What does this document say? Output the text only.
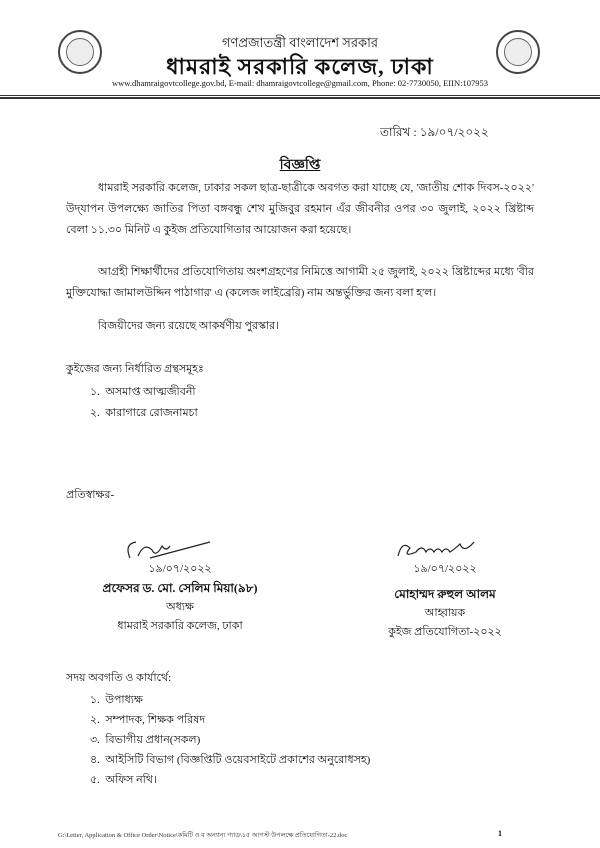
গণপ্রজাতন্ত্রী বাংলাদেশ সরকার
ধামরাই সরকারি কলেজ, ঢাকা
www.dhamraigovtcollege.gov.bd, E-mail: dhamraigovtcollege@gmail.com, Phone: 02-7730050, EIIN:107953
তারিখ : ১৯/০৭/২০২২
বিজ্ঞপ্তি
ধামরাই সরকারি কলেজ, ঢাকার সকল ছাত্র-ছাত্রীকে অবগত করা যাচ্ছে যে, 'জাতীয় শোক দিবস-২০২২' উদ্‌যাপন উপলক্ষ্যে জাতির পিতা বঙ্গবন্ধু শেখ মুজিবুর রহমান এঁর জীবনীর ওপর ৩০ জুলাই, ২০২২ খ্রিষ্টাব্দ বেলা ১১.৩০ মিনিট এ কুইজ প্রতিযোগিতার আয়োজন করা হয়েছে।
আগ্রহী শিক্ষার্থীদের প্রতিযোগিতায় অংশগ্রহণের নিমিত্তে আগামী ২৫ জুলাই, ২০২২ খ্রিষ্টাব্দের মধ্যে 'বীর মুক্তিযোদ্ধা জামালউদ্দিন পাঠাগার' এ (কলেজ লাইব্রেরি) নাম অন্তর্ভুক্তির জন্য বলা হ'ল।
বিজয়ীদের জন্য রয়েছে আকর্ষণীয় পুরস্কার।
কুইজের জন্য নির্ধারিত গ্রন্থসমূহঃ
১. অসমাপ্ত আত্মজীবনী
২. কারাগারে রোজনামচা
প্রতিস্বাক্ষর-
১৯/০৭/২০২২
প্রফেসর ড. মো. সেলিম মিয়া(৯৮)
অধ্যক্ষ
ধামরাই সরকারি কলেজ, ঢাকা
১৯/০৭/২০২২
মোহাম্মদ রুহুল আলম
আহ্বায়ক
কুইজ প্রতিযোগিতা-২০২২
সদয় অবগতি ও কার্যার্থে:
১. উপাধ্যক্ষ
২. সম্পাদক, শিক্ষক পরিষদ
৩. বিভাগীয় প্রধান(সকল)
৪. আইসিটি বিভাগ (বিজ্ঞপ্তিটি ওয়েবসাইটে প্রকাশের অনুরোধসহ)
৫. অফিস নথি।
G:\Letter, Application & Office Order\Notice\কমিটি ও ব অন্যান্য প্যাড\১৫ আগস্ট উপলক্ষে প্রতিযোগিতা-22.doc	1
